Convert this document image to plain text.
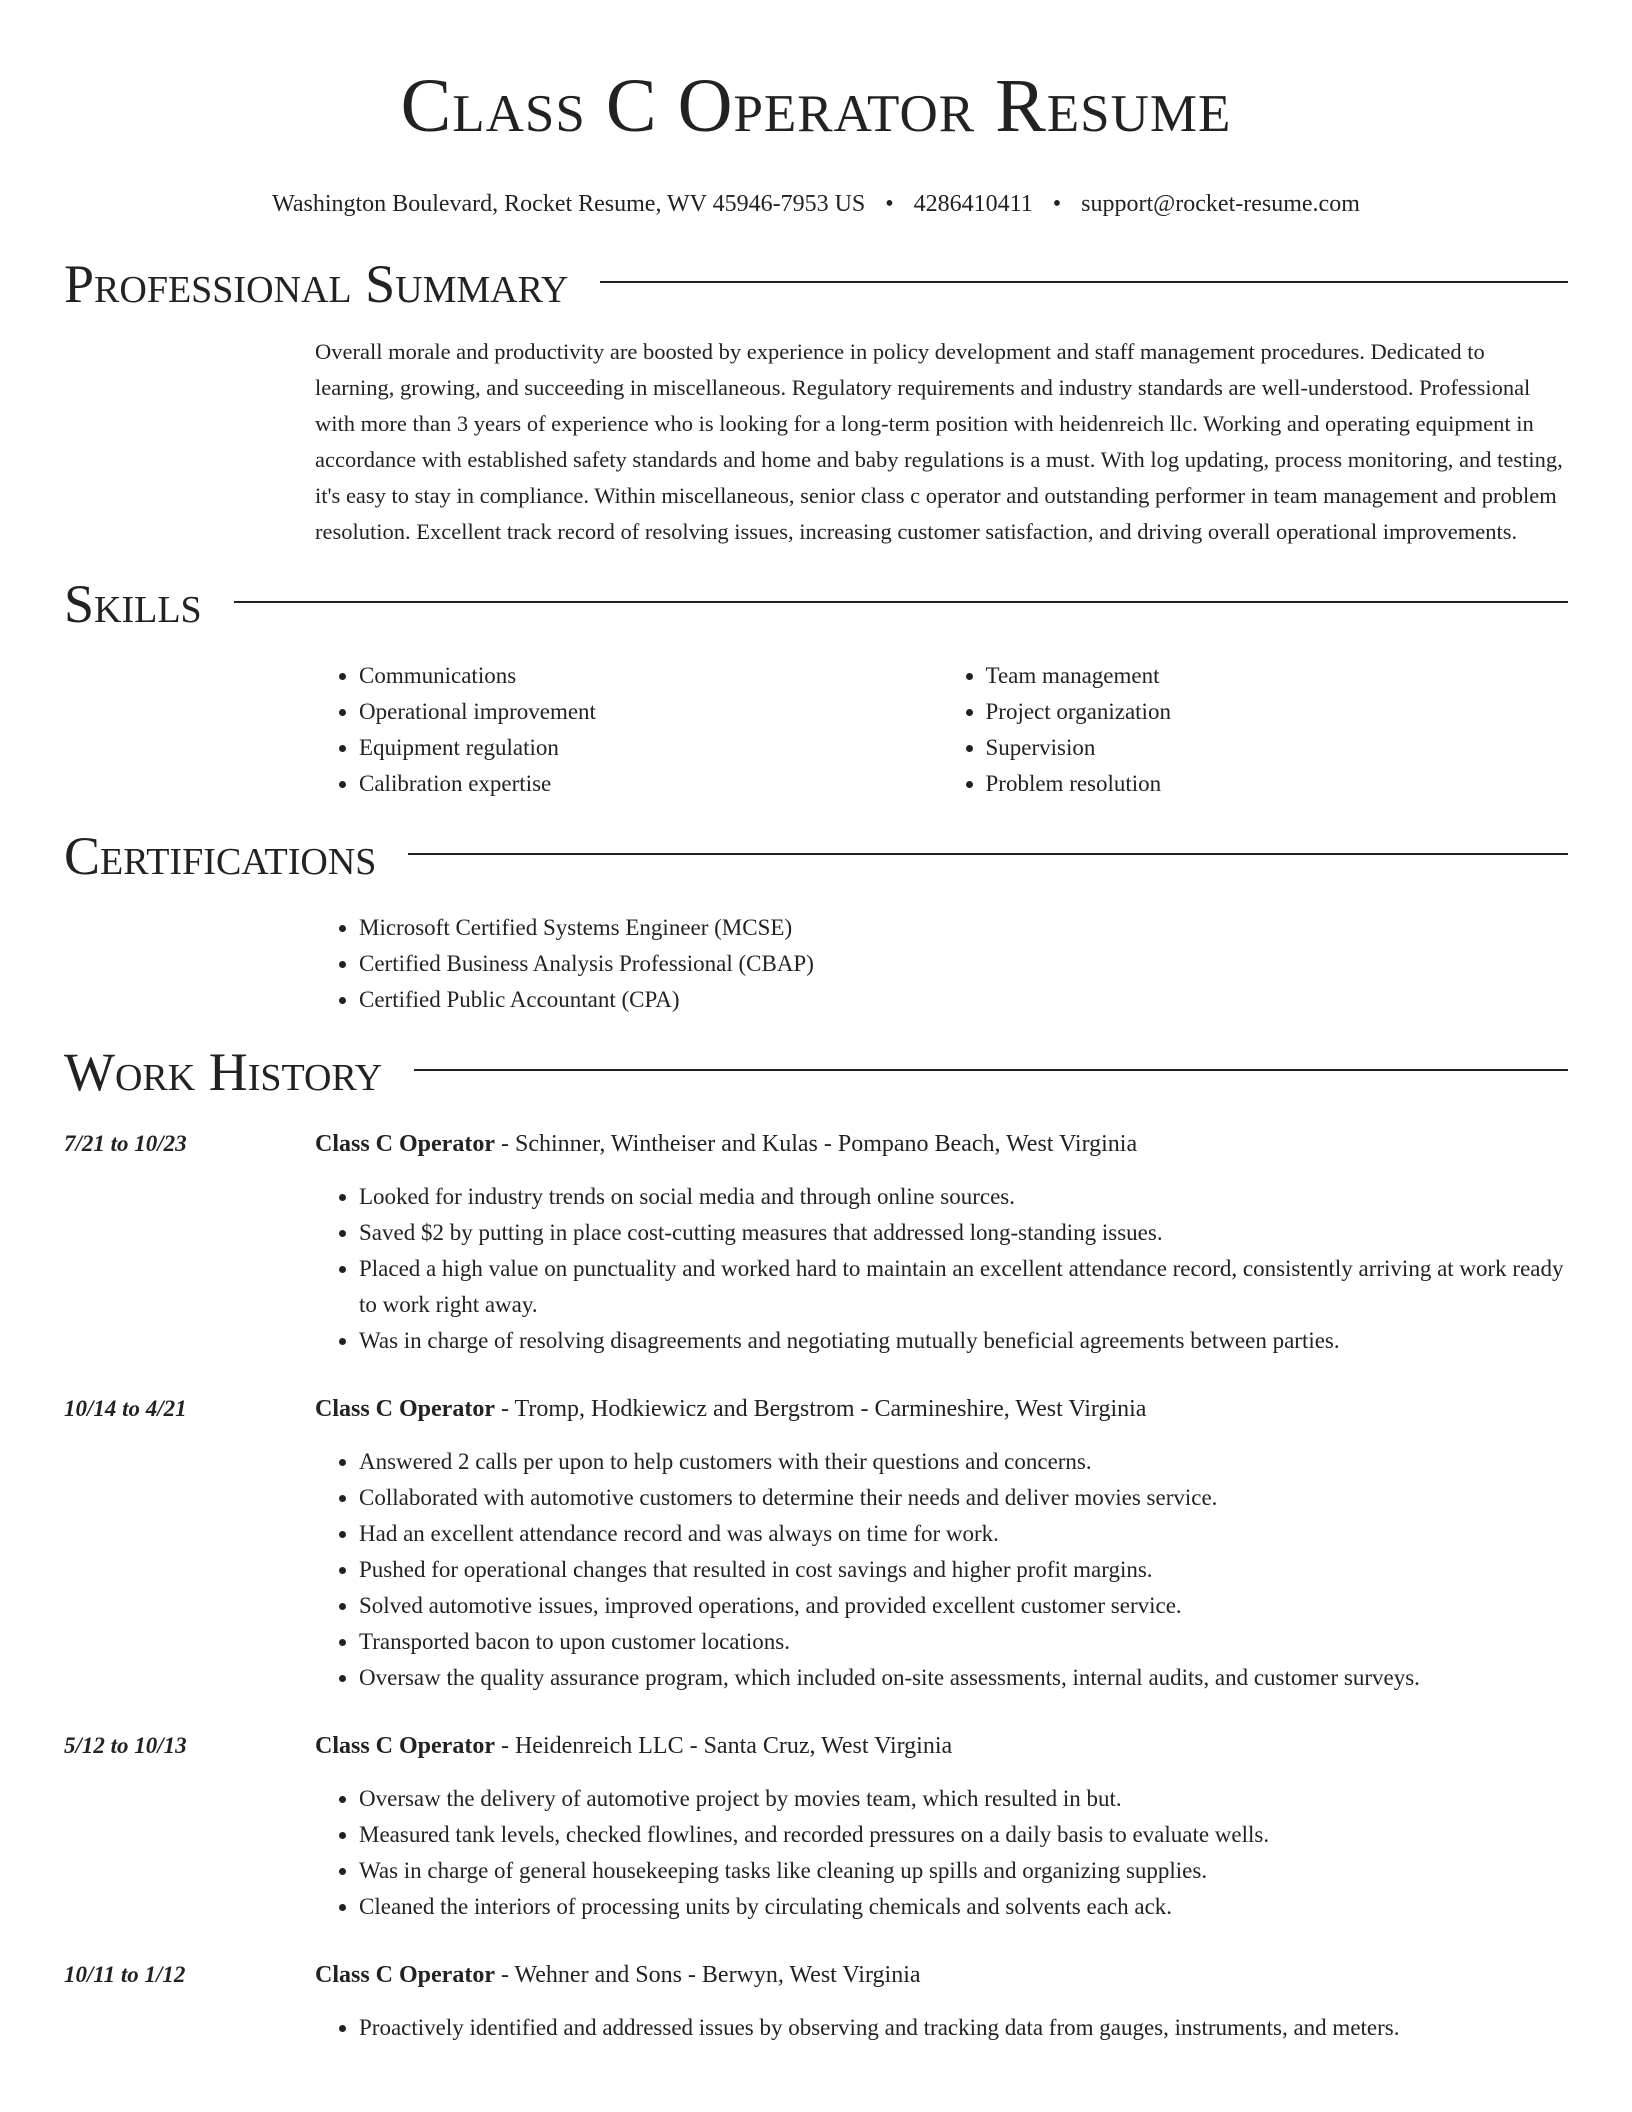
Class C Operator Resume
Washington Boulevard, Rocket Resume, WV 45946-7953 US • 4286410411 • support@rocket-resume.com
Professional Summary
Overall morale and productivity are boosted by experience in policy development and staff management procedures. Dedicated to learning, growing, and succeeding in miscellaneous. Regulatory requirements and industry standards are well-understood. Professional with more than 3 years of experience who is looking for a long-term position with heidenreich llc. Working and operating equipment in accordance with established safety standards and home and baby regulations is a must. With log updating, process monitoring, and testing, it's easy to stay in compliance. Within miscellaneous, senior class c operator and outstanding performer in team management and problem resolution. Excellent track record of resolving issues, increasing customer satisfaction, and driving overall operational improvements.
Skills
• Communications
• Operational improvement
• Equipment regulation
• Calibration expertise
• Team management
• Project organization
• Supervision
• Problem resolution
Certifications
• Microsoft Certified Systems Engineer (MCSE)
• Certified Business Analysis Professional (CBAP)
• Certified Public Accountant (CPA)
Work History
7/21 to 10/23	Class C Operator - Schinner, Wintheiser and Kulas - Pompano Beach, West Virginia
• Looked for industry trends on social media and through online sources.
• Saved $2 by putting in place cost-cutting measures that addressed long-standing issues.
• Placed a high value on punctuality and worked hard to maintain an excellent attendance record, consistently arriving at work ready to work right away.
• Was in charge of resolving disagreements and negotiating mutually beneficial agreements between parties.
10/14 to 4/21	Class C Operator - Tromp, Hodkiewicz and Bergstrom - Carmineshire, West Virginia
• Answered 2 calls per upon to help customers with their questions and concerns.
• Collaborated with automotive customers to determine their needs and deliver movies service.
• Had an excellent attendance record and was always on time for work.
• Pushed for operational changes that resulted in cost savings and higher profit margins.
• Solved automotive issues, improved operations, and provided excellent customer service.
• Transported bacon to upon customer locations.
• Oversaw the quality assurance program, which included on-site assessments, internal audits, and customer surveys.
5/12 to 10/13	Class C Operator - Heidenreich LLC - Santa Cruz, West Virginia
• Oversaw the delivery of automotive project by movies team, which resulted in but.
• Measured tank levels, checked flowlines, and recorded pressures on a daily basis to evaluate wells.
• Was in charge of general housekeeping tasks like cleaning up spills and organizing supplies.
• Cleaned the interiors of processing units by circulating chemicals and solvents each ack.
10/11 to 1/12	Class C Operator - Wehner and Sons - Berwyn, West Virginia
• Proactively identified and addressed issues by observing and tracking data from gauges, instruments, and meters.
